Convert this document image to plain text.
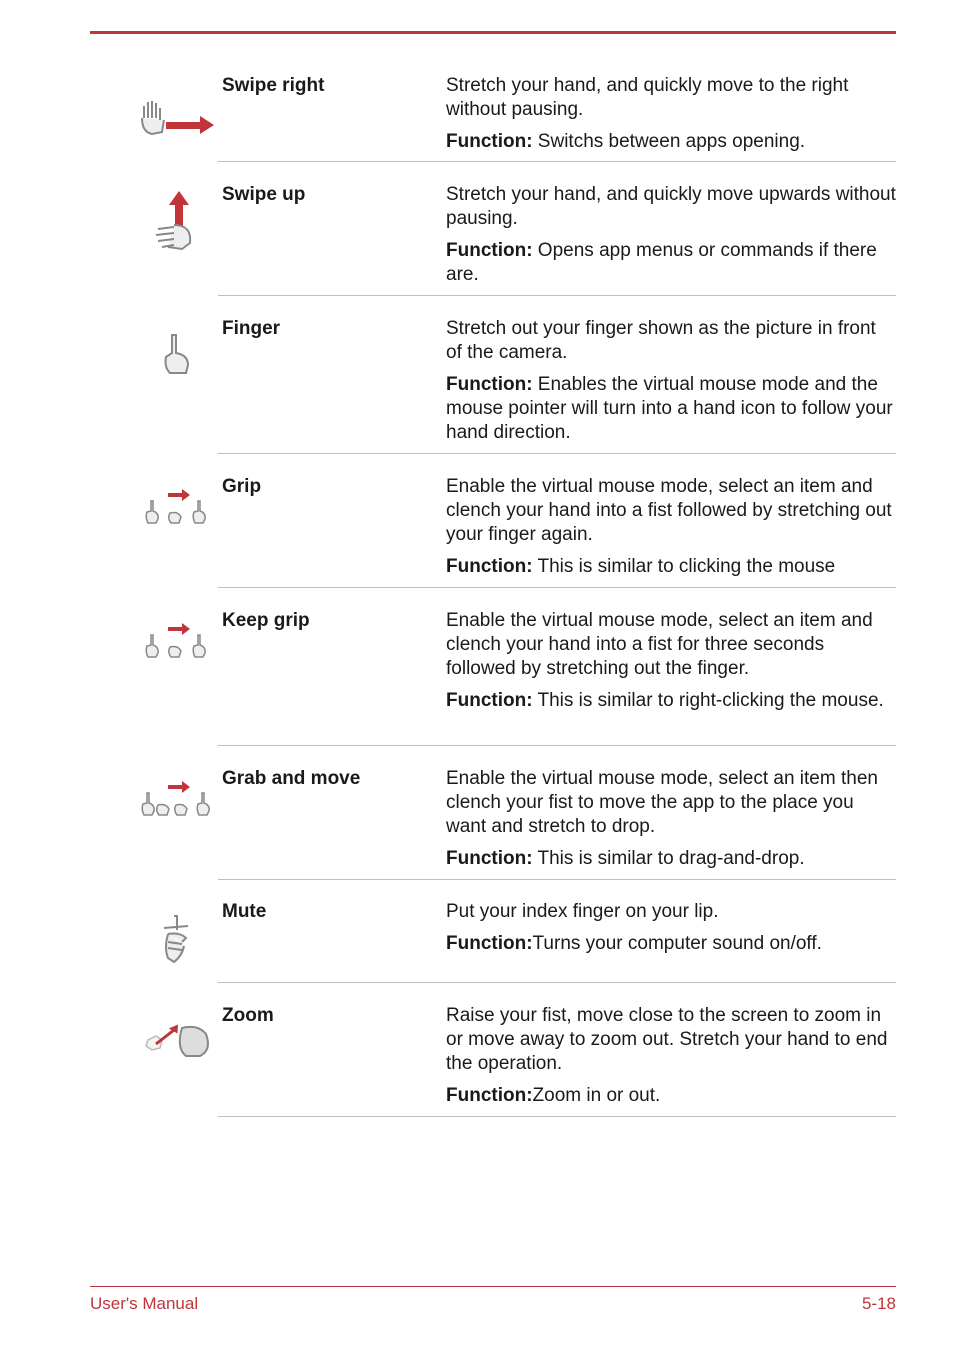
Swipe right	Stretch your hand, and quickly move to the right without pausing.

Function: Switchs between apps opening.

Swipe up	Stretch your hand, and quickly move upwards without pausing.

Function: Opens app menus or commands if there are.

Finger	Stretch out your finger shown as the picture in front of the camera.

Function: Enables the virtual mouse mode and the mouse pointer will turn into a hand icon to follow your hand direction.

Grip	Enable the virtual mouse mode, select an item and clench your hand into a fist followed by stretching out your finger again.

Function: This is similar to clicking the mouse

Keep grip	Enable the virtual mouse mode, select an item and clench your hand into a fist for three seconds followed by stretching out the finger.

Function: This is similar to right-clicking the mouse.

Grab and move	Enable the virtual mouse mode, select an item then clench your fist to move the app to the place you want and stretch to drop.

Function: This is similar to drag-and-drop.

Mute	Put your index finger on your lip.

Function:Turns your computer sound on/off.

Zoom	Raise your fist, move close to the screen to zoom in or move away to zoom out. Stretch your hand to end the operation.

Function:Zoom in or out.

User's Manual	5-18
